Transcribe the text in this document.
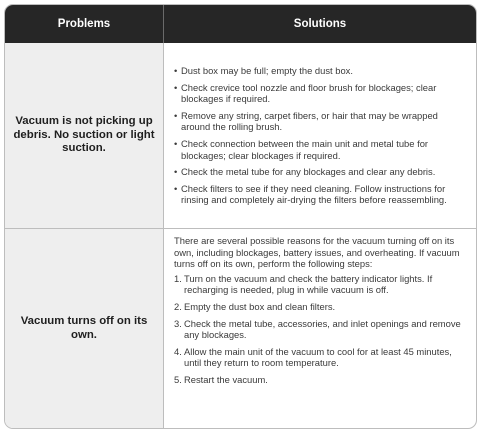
Problems	Solutions
Vacuum is not picking up debris. No suction or light suction.
• Dust box may be full; empty the dust box.
• Check crevice tool nozzle and floor brush for blockages; clear blockages if required.
• Remove any string, carpet fibers, or hair that may be wrapped around the rolling brush.
• Check connection between the main unit and metal tube for blockages; clear blockages if required.
• Check the metal tube for any blockages and clear any debris.
• Check filters to see if they need cleaning. Follow instructions for rinsing and completely air-drying the filters before reassembling.
Vacuum turns off on its own.

There are several possible reasons for the vacuum turning off on its own, including blockages, battery issues, and overheating. If vacuum turns off on its own, perform the following steps:

1. Turn on the vacuum and check the battery indicator lights. If recharging is needed, plug in while vacuum is off.
2. Empty the dust box and clean filters.
3. Check the metal tube, accessories, and inlet openings and remove any blockages.
4. Allow the main unit of the vacuum to cool for at least 45 minutes, until they return to room temperature.
5. Restart the vacuum.
